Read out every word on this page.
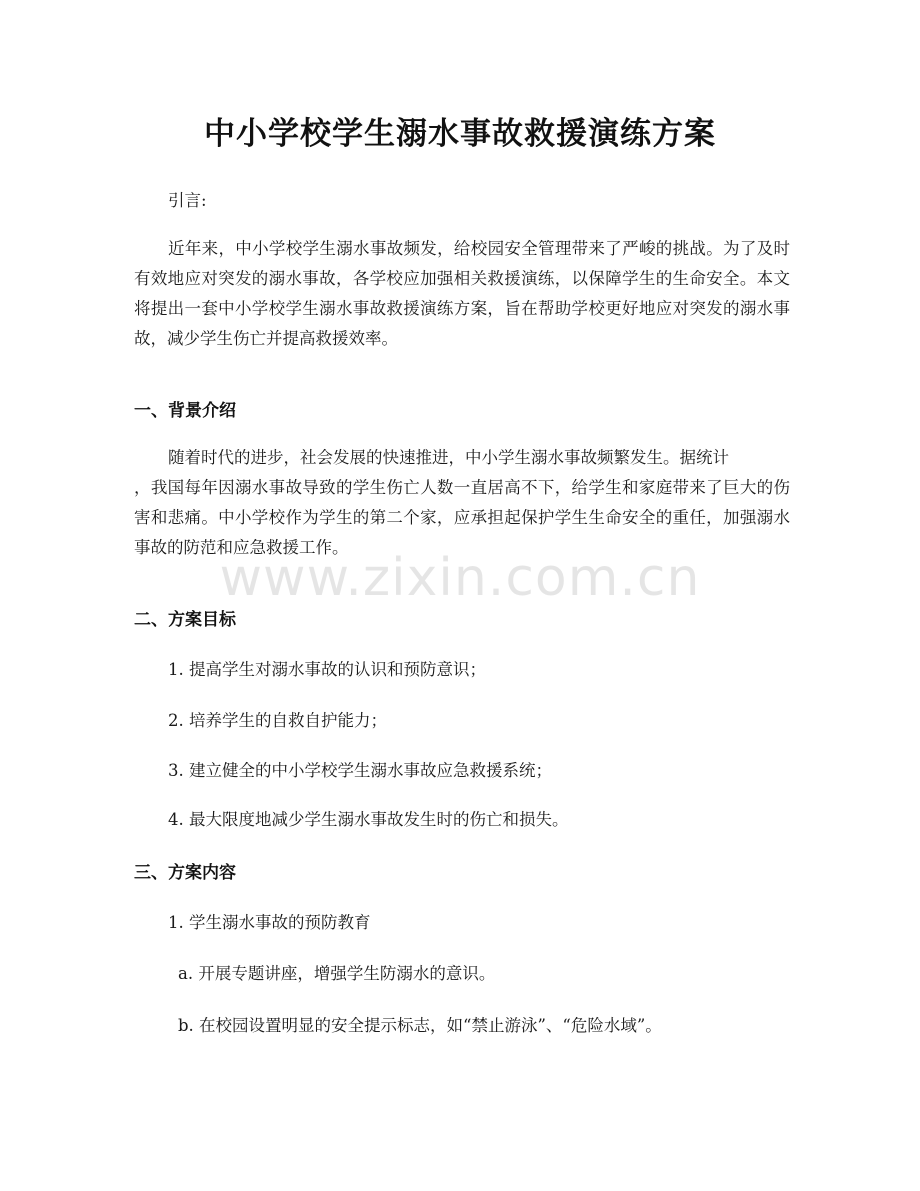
中小学校学生溺水事故救援演练方案

引言:

近年来，中小学校学生溺水事故频发，给校园安全管理带来了严峻的挑战。为了及时有效地应对突发的溺水事故，各学校应加强相关救援演练，以保障学生的生命安全。本文将提出一套中小学校学生溺水事故救援演练方案，旨在帮助学校更好地应对突发的溺水事故，减少学生伤亡并提高救援效率。

一、背景介绍
随着时代的进步，社会发展的快速推进，中小学生溺水事故频繁发生。据统计
，我国每年因溺水事故导致的学生伤亡人数一直居高不下，给学生和家庭带来了巨大的伤害和悲痛。中小学校作为学生的第二个家，应承担起保护学生生命安全的重任，加强溺水事故的防范和应急救援工作。
二、方案目标

1. 提高学生对溺水事故的认识和预防意识；

2. 培养学生的自救自护能力；

3. 建立健全的中小学校学生溺水事故应急救援系统；

4. 最大限度地减少学生溺水事故发生时的伤亡和损失。

三、方案内容

1. 学生溺水事故的预防教育

a. 开展专题讲座，增强学生防溺水的意识。

b. 在校园设置明显的安全提示标志，如“禁止游泳”、“危险水域”。

www.zixin.com.cn
